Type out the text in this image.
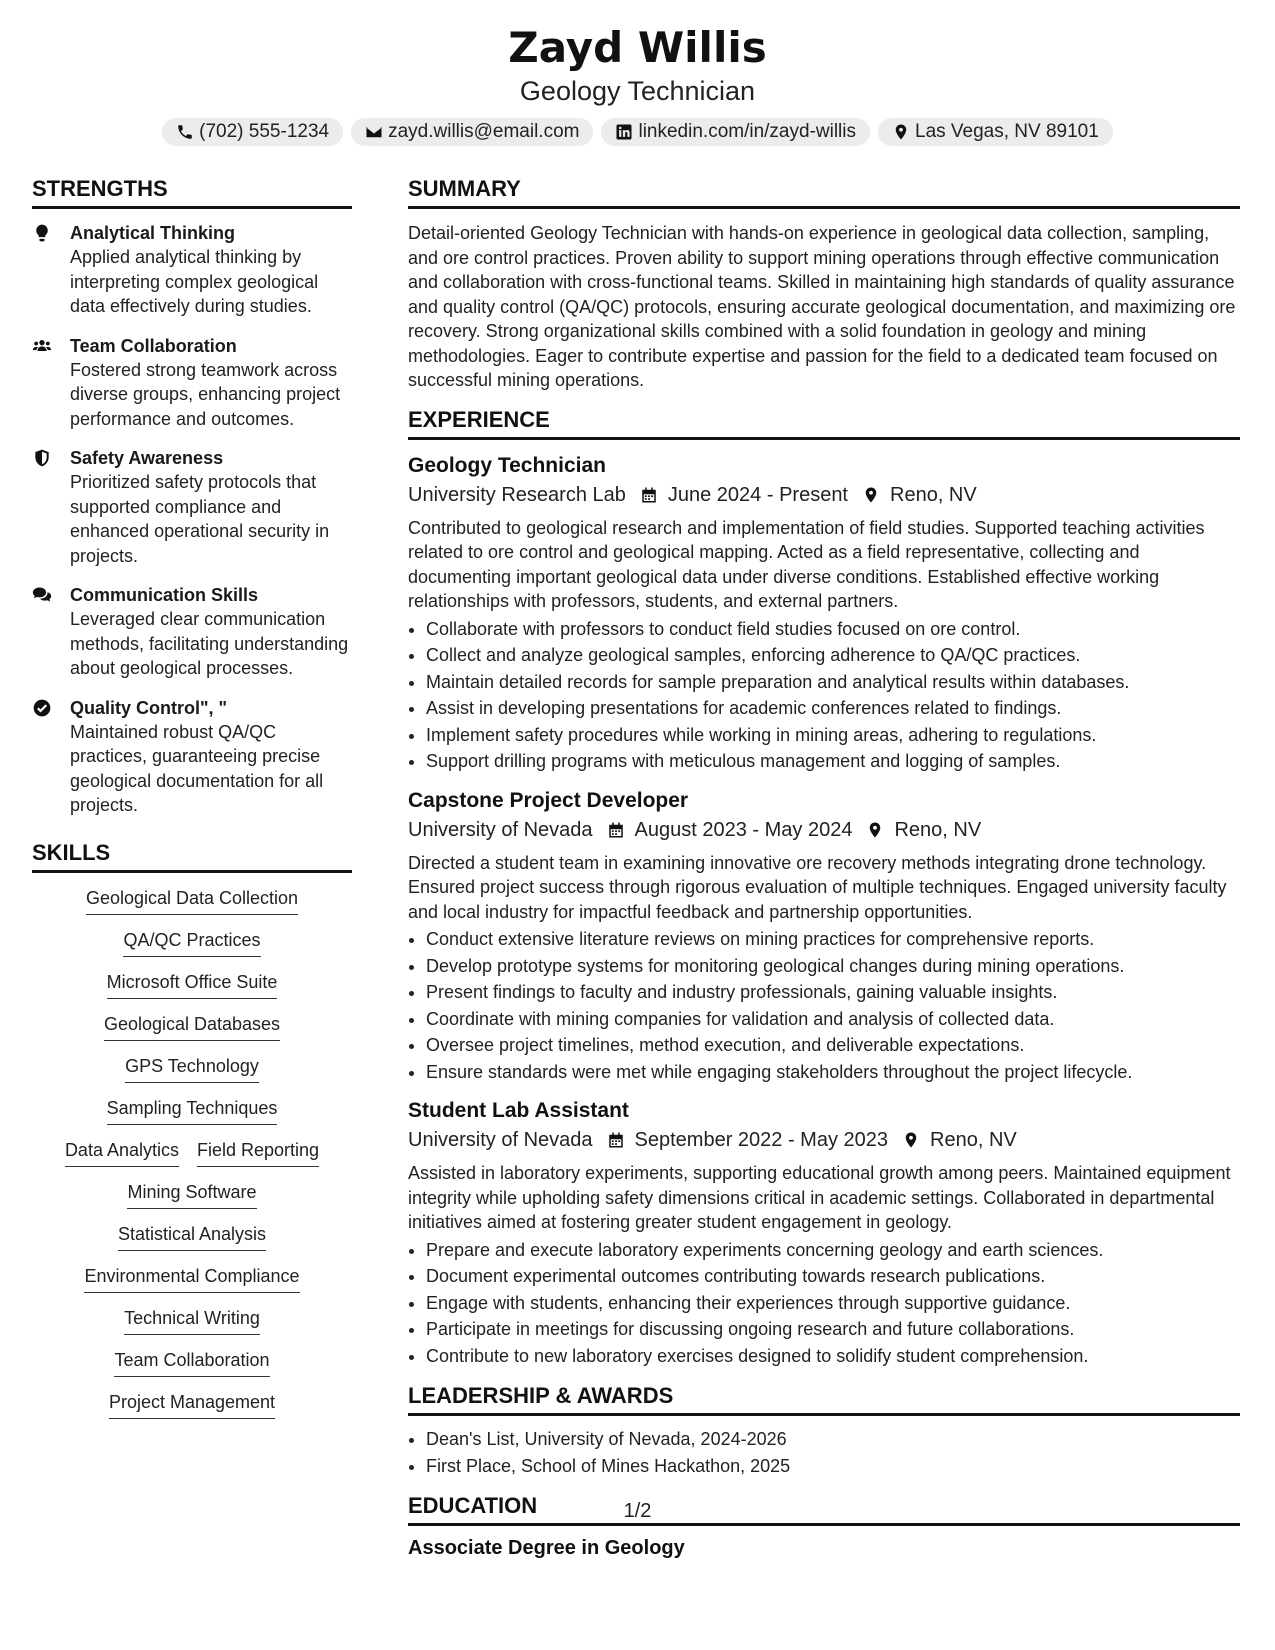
Zayd Willis
Geology Technician
(702) 555-1234	zayd.willis@email.com	linkedin.com/in/zayd-willis	Las Vegas, NV 89101
STRENGTHS
Analytical Thinking
Applied analytical thinking by interpreting complex geological data effectively during studies.
Team Collaboration
Fostered strong teamwork across diverse groups, enhancing project performance and outcomes.
Safety Awareness
Prioritized safety protocols that supported compliance and enhanced operational security in projects.
Communication Skills
Leveraged clear communication methods, facilitating understanding about geological processes.
Quality Control", "
Maintained robust QA/QC practices, guaranteeing precise geological documentation for all projects.
SKILLS
Geological Data Collection
QA/QC Practices
Microsoft Office Suite
Geological Databases
GPS Technology
Sampling Techniques
Data Analytics Field Reporting
Mining Software
Statistical Analysis
Environmental Compliance
Technical Writing
Team Collaboration
Project Management
SUMMARY

Detail-oriented Geology Technician with hands-on experience in geological data collection, sampling, and ore control practices. Proven ability to support mining operations through effective communication and collaboration with cross-functional teams. Skilled in maintaining high standards of quality assurance and quality control (QA/QC) protocols, ensuring accurate geological documentation, and maximizing ore recovery. Strong organizational skills combined with a solid foundation in geology and mining methodologies. Eager to contribute expertise and passion for the field to a dedicated team focused on successful mining operations.

EXPERIENCE
Geology Technician
University Research Lab June 2024 - Present Reno, NV

Contributed to geological research and implementation of field studies. Supported teaching activities related to ore control and geological mapping. Acted as a field representative, collecting and documenting important geological data under diverse conditions. Established effective working relationships with professors, students, and external partners.

• Collaborate with professors to conduct field studies focused on ore control.
• Collect and analyze geological samples, enforcing adherence to QA/QC practices.
• Maintain detailed records for sample preparation and analytical results within databases.
• Assist in developing presentations for academic conferences related to findings.
• Implement safety procedures while working in mining areas, adhering to regulations.
• Support drilling programs with meticulous management and logging of samples.
Capstone Project Developer
University of Nevada August 2023 - May 2024 Reno, NV

Directed a student team in examining innovative ore recovery methods integrating drone technology. Ensured project success through rigorous evaluation of multiple techniques. Engaged university faculty and local industry for impactful feedback and partnership opportunities.

• Conduct extensive literature reviews on mining practices for comprehensive reports.
• Develop prototype systems for monitoring geological changes during mining operations.
• Present findings to faculty and industry professionals, gaining valuable insights.
• Coordinate with mining companies for validation and analysis of collected data.
• Oversee project timelines, method execution, and deliverable expectations.
• Ensure standards were met while engaging stakeholders throughout the project lifecycle.
Student Lab Assistant
University of Nevada September 2022 - May 2023 Reno, NV

Assisted in laboratory experiments, supporting educational growth among peers. Maintained equipment integrity while upholding safety dimensions critical in academic settings. Collaborated in departmental initiatives aimed at fostering greater student engagement in geology.

• Prepare and execute laboratory experiments concerning geology and earth sciences.
• Document experimental outcomes contributing towards research publications.
• Engage with students, enhancing their experiences through supportive guidance.
• Participate in meetings for discussing ongoing research and future collaborations.
• Contribute to new laboratory exercises designed to solidify student comprehension.
LEADERSHIP & AWARDS
• Dean's List, University of Nevada, 2024-2026
• First Place, School of Mines Hackathon, 2025
EDUCATION
Associate Degree in Geology
1/2
